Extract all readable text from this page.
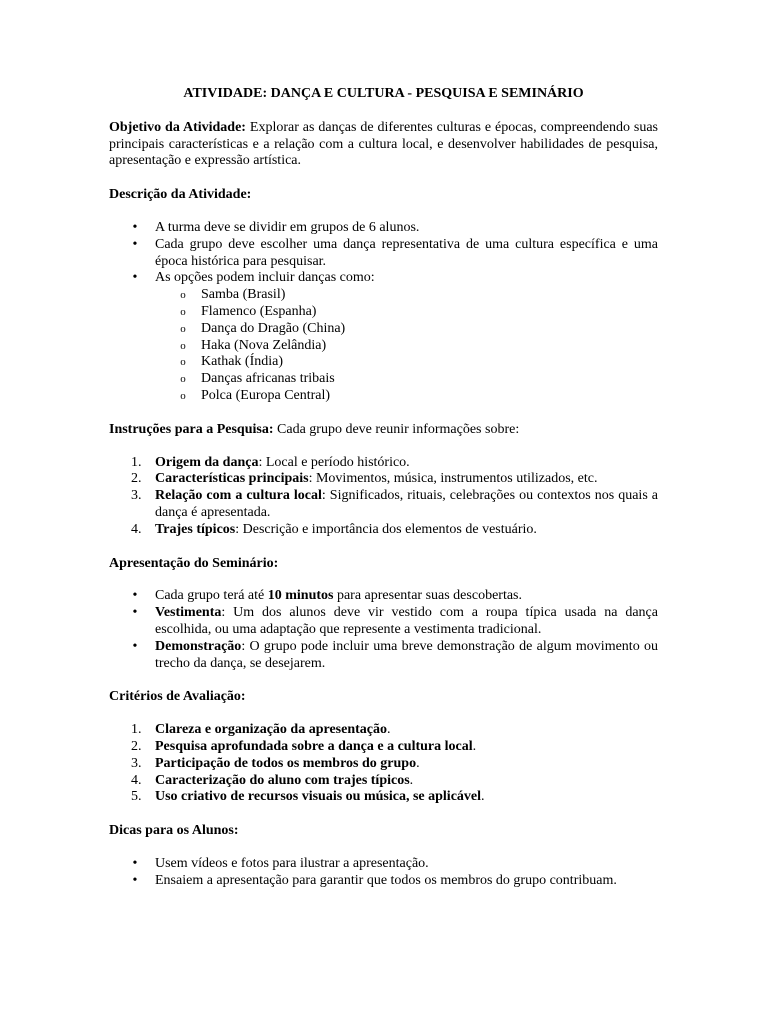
ATIVIDADE: DANÇA E CULTURA - PESQUISA E SEMINÁRIO

Objetivo da Atividade: Explorar as danças de diferentes culturas e épocas, compreendendo suas principais características e a relação com a cultura local, e desenvolver habilidades de pesquisa, apresentação e expressão artística.

Descrição da Atividade:

• A turma deve se dividir em grupos de 6 alunos.
• Cada grupo deve escolher uma dança representativa de uma cultura específica e uma época histórica para pesquisar.
• As opções podem incluir danças como:
o Samba (Brasil)
o Flamenco (Espanha)
o Dança do Dragão (China)
o Haka (Nova Zelândia)
o Kathak (Índia)
o Danças africanas tribais
o Polca (Europa Central)

Instruções para a Pesquisa: Cada grupo deve reunir informações sobre:

1. Origem da dança: Local e período histórico.
2. Características principais: Movimentos, música, instrumentos utilizados, etc.
3. Relação com a cultura local: Significados, rituais, celebrações ou contextos nos quais a dança é apresentada.
4. Trajes típicos: Descrição e importância dos elementos de vestuário.

Apresentação do Seminário:

• Cada grupo terá até 10 minutos para apresentar suas descobertas.
• Vestimenta: Um dos alunos deve vir vestido com a roupa típica usada na dança escolhida, ou uma adaptação que represente a vestimenta tradicional.
• Demonstração: O grupo pode incluir uma breve demonstração de algum movimento ou trecho da dança, se desejarem.

Critérios de Avaliação:

1. Clareza e organização da apresentação.
2. Pesquisa aprofundada sobre a dança e a cultura local.
3. Participação de todos os membros do grupo.
4. Caracterização do aluno com trajes típicos.
5. Uso criativo de recursos visuais ou música, se aplicável.

Dicas para os Alunos:

• Usem vídeos e fotos para ilustrar a apresentação.
• Ensaiem a apresentação para garantir que todos os membros do grupo contribuam.
